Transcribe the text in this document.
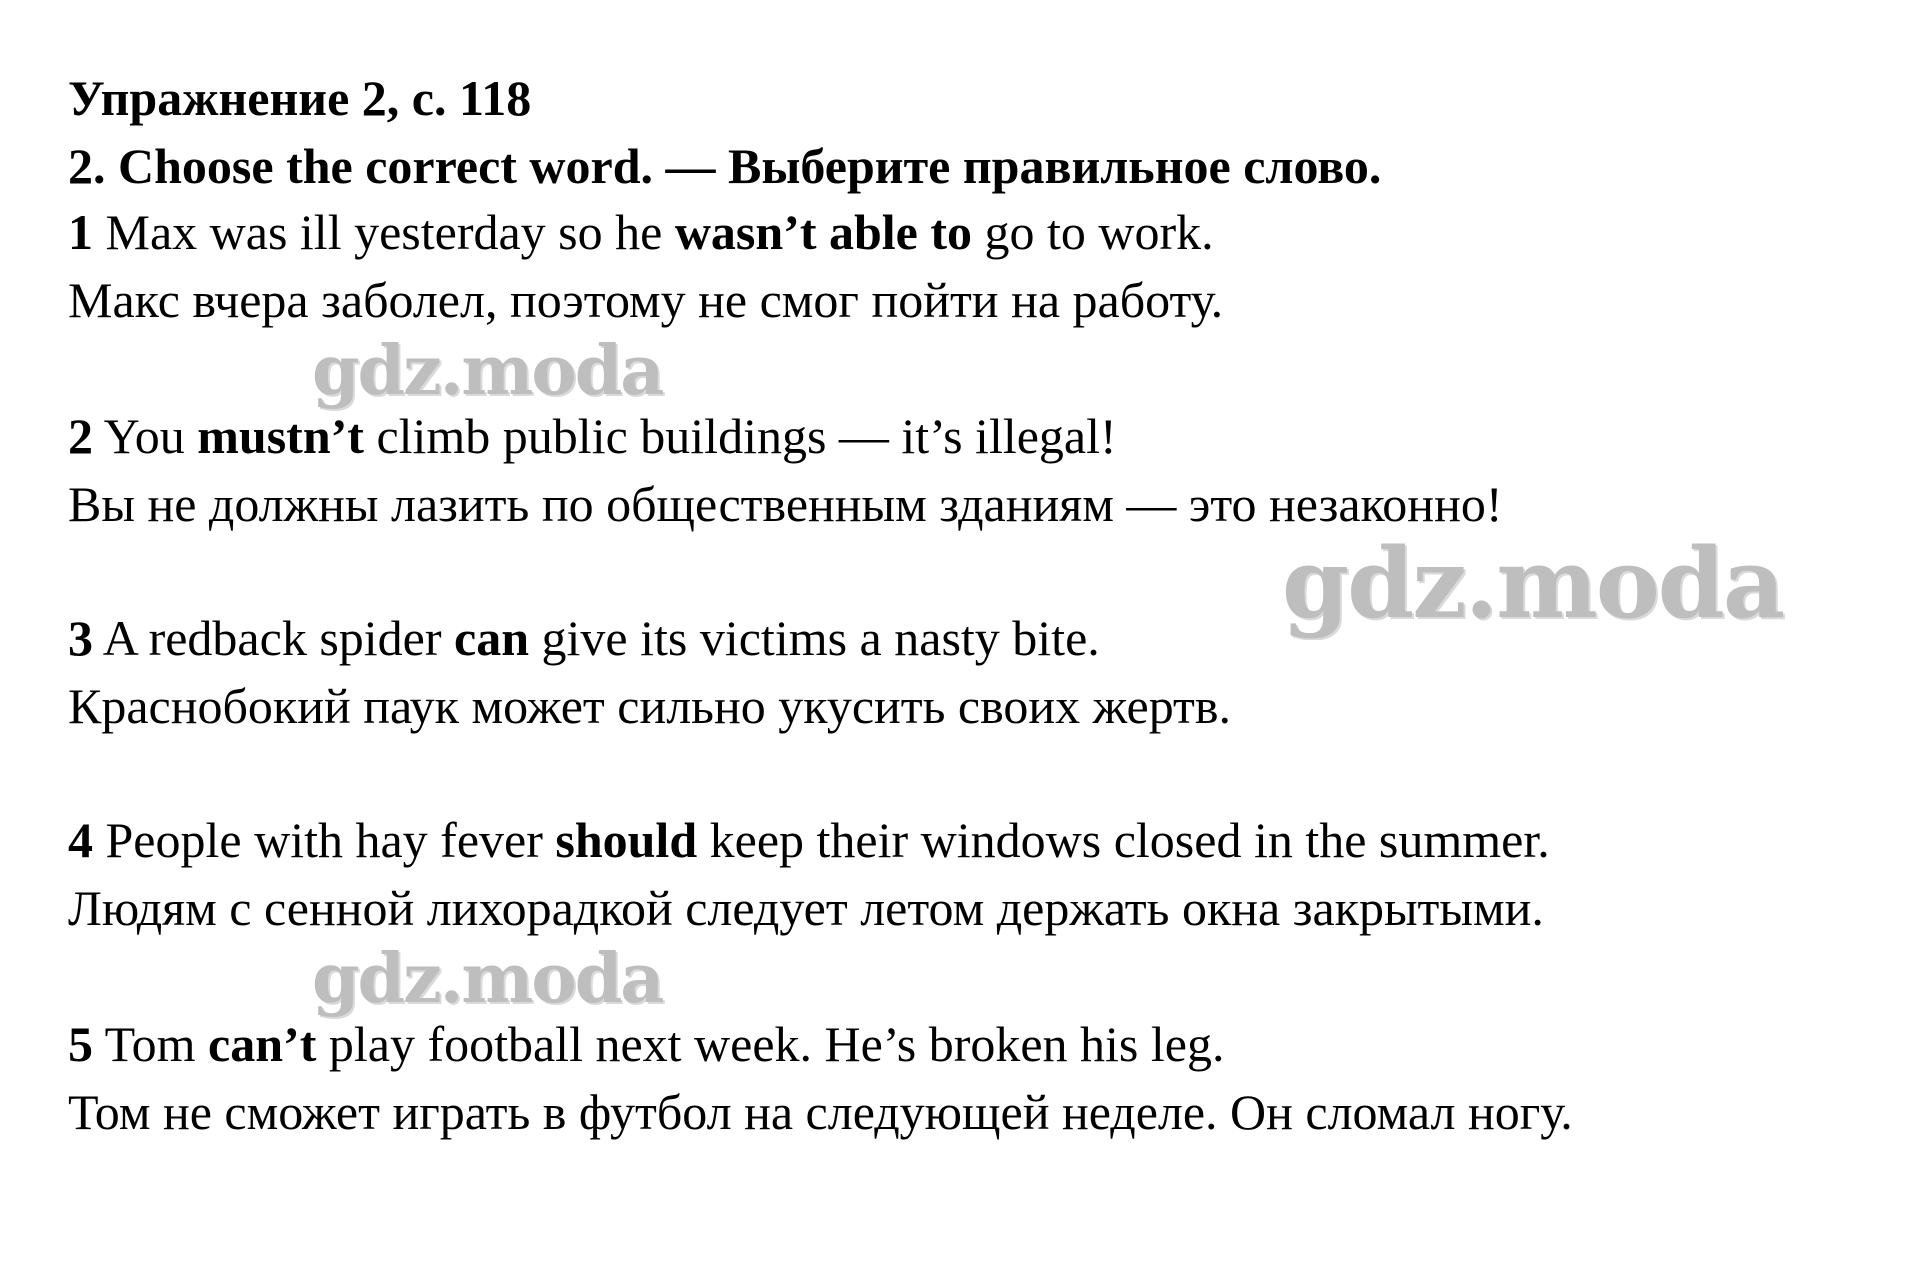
Упражнение 2, с. 118
2. Choose the correct word. — Выберите правильное слово.
1 Max was ill yesterday so he wasn’t able to go to work.
Макс вчера заболел, поэтому не смог пойти на работу.
2 You mustn’t climb public buildings — it’s illegal!
Вы не должны лазить по общественным зданиям — это незаконно!
3 A redback spider can give its victims a nasty bite.
Краснобокий паук может сильно укусить своих жертв.
4 People with hay fever should keep their windows closed in the summer.
Людям с сенной лихорадкой следует летом держать окна закрытыми.
5 Tom can’t play football next week. He’s broken his leg.
Том не сможет играть в футбол на следующей неделе. Он сломал ногу.
gdz.moda
gdz.moda
gdz.moda
